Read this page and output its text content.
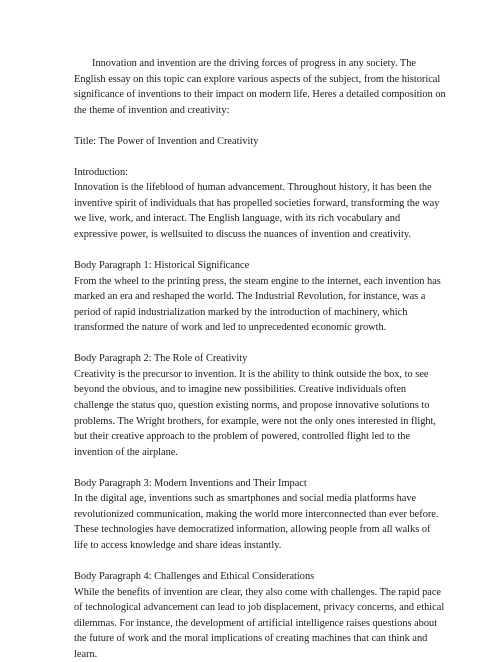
Innovation and invention are the driving forces of progress in any society. The
English essay on this topic can explore various aspects of the subject, from the historical
significance of inventions to their impact on modern life. Heres a detailed composition on
the theme of invention and creativity:
Title: The Power of Invention and Creativity
Introduction:
Innovation is the lifeblood of human advancement. Throughout history, it has been the
inventive spirit of individuals that has propelled societies forward, transforming the way
we live, work, and interact. The English language, with its rich vocabulary and
expressive power, is wellsuited to discuss the nuances of invention and creativity.
Body Paragraph 1: Historical Significance
From the wheel to the printing press, the steam engine to the internet, each invention has
marked an era and reshaped the world. The Industrial Revolution, for instance, was a
period of rapid industrialization marked by the introduction of machinery, which
transformed the nature of work and led to unprecedented economic growth.
Body Paragraph 2: The Role of Creativity
Creativity is the precursor to invention. It is the ability to think outside the box, to see
beyond the obvious, and to imagine new possibilities. Creative individuals often
challenge the status quo, question existing norms, and propose innovative solutions to
problems. The Wright brothers, for example, were not the only ones interested in flight,
but their creative approach to the problem of powered, controlled flight led to the
invention of the airplane.
Body Paragraph 3: Modern Inventions and Their Impact
In the digital age, inventions such as smartphones and social media platforms have
revolutionized communication, making the world more interconnected than ever before.
These technologies have democratized information, allowing people from all walks of
life to access knowledge and share ideas instantly.
Body Paragraph 4: Challenges and Ethical Considerations
While the benefits of invention are clear, they also come with challenges. The rapid pace
of technological advancement can lead to job displacement, privacy concerns, and ethical
dilemmas. For instance, the development of artificial intelligence raises questions about
the future of work and the moral implications of creating machines that can think and
learn.
